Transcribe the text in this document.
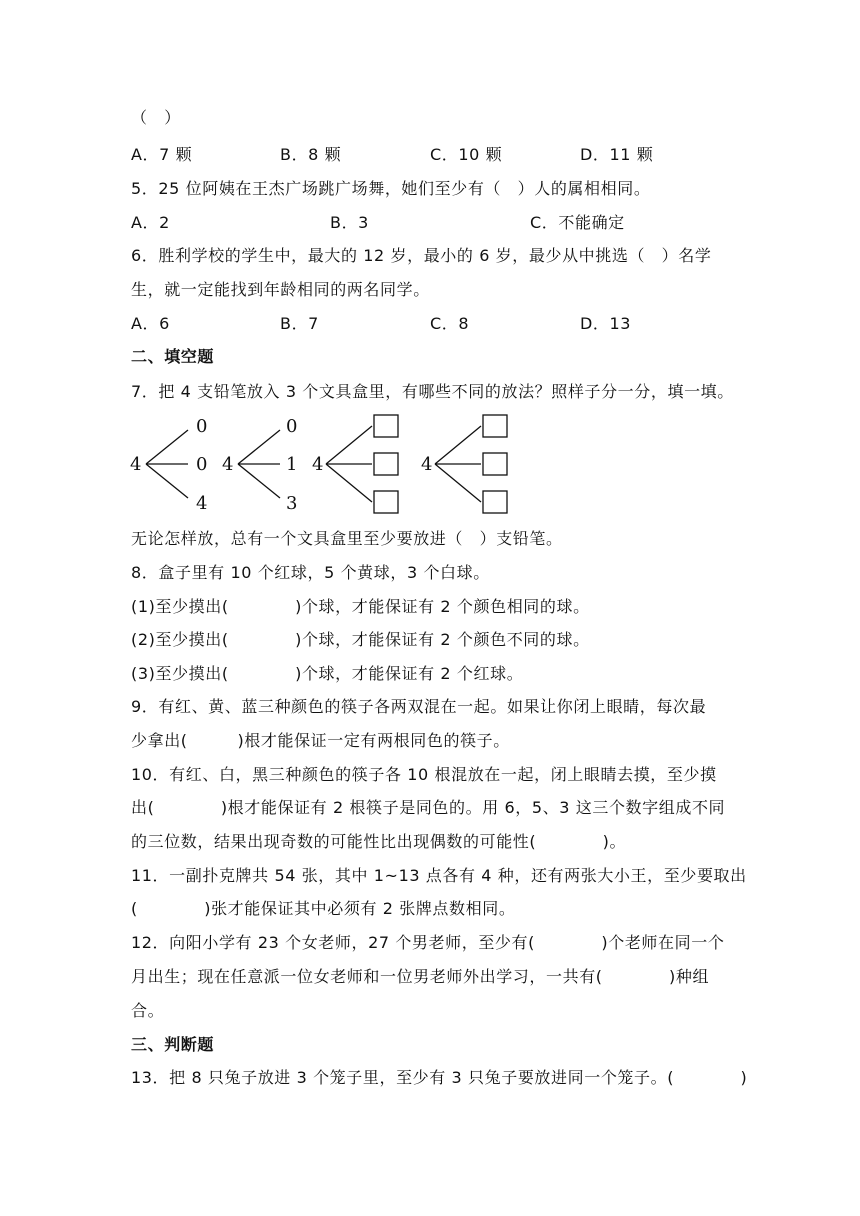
（　）
A．7 颗	B．8 颗	C．10 颗	D．11 颗
5．25 位阿姨在王杰广场跳广场舞，她们至少有（　）人的属相相同。
A．2	B．3	C．不能确定
6．胜利学校的学生中，最大的 12 岁，最小的 6 岁，最少从中挑选（　）名学
生，就一定能找到年龄相同的两名同学。
A．6	B．7	C．8	D．13
二、填空题
7．把 4 支铅笔放入 3 个文具盒里，有哪些不同的放法？照样子分一分，填一填。
4
0
0
4
4
0
1
3
4	4
无论怎样放，总有一个文具盒里至少要放进（　）支铅笔。
8．盒子里有 10 个红球，5 个黄球，3 个白球。
(1)至少摸出(　　　　)个球，才能保证有 2 个颜色相同的球。
(2)至少摸出(　　　　)个球，才能保证有 2 个颜色不同的球。
(3)至少摸出(　　　　)个球，才能保证有 2 个红球。
9．有红、黄、蓝三种颜色的筷子各两双混在一起。如果让你闭上眼睛，每次最
少拿出(　　　)根才能保证一定有两根同色的筷子。
10．有红、白，黑三种颜色的筷子各 10 根混放在一起，闭上眼睛去摸，至少摸
出(　　　　)根才能保证有 2 根筷子是同色的。用 6，5、3 这三个数字组成不同
的三位数，结果出现奇数的可能性比出现偶数的可能性(　　　　)。
11．一副扑克牌共 54 张，其中 1~13 点各有 4 种，还有两张大小王，至少要取出
(　　　　)张才能保证其中必须有 2 张牌点数相同。
12．向阳小学有 23 个女老师，27 个男老师，至少有(　　　　)个老师在同一个
月出生；现在任意派一位女老师和一位男老师外出学习，一共有(　　　　)种组
合。
三、判断题
13．把 8 只兔子放进 3 个笼子里，至少有 3 只兔子要放进同一个笼子。(　　　　)
